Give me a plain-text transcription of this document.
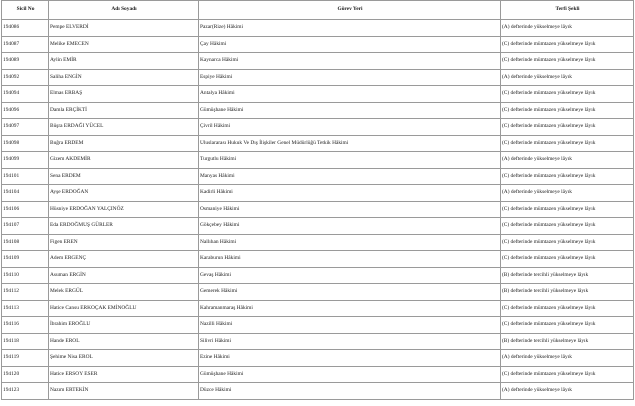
Sicil No	Adı Soyadı	Görev Yeri	Terfi Şekli
194086	Pempe ELVERDİ	Pazar(Rize) Hâkimi	(A) defterinde yükselmeye lâyık
194087	Melike EMECEN	Çay Hâkimi	(C) defterinde mümtazen yükselmeye lâyık
194089	Aylin EMİR	Kaynarca Hâkimi	(C) defterinde mümtazen yükselmeye lâyık
194092	Saliha ENGİN	Espiye Hâkimi	(A) defterinde yükselmeye lâyık
194094	Elmas ERBAŞ	Antalya Hâkimi	(C) defterinde mümtazen yükselmeye lâyık
194096	Damla ERÇİKTİ	Gümüşhane Hâkimi	(C) defterinde mümtazen yükselmeye lâyık
194097	Büşra ERDAĞI YÜCEL	Çivril Hâkimi	(C) defterinde mümtazen yükselmeye lâyık
194098	Buğra ERDEM	Uluslararası Hukuk Ve Dış İlişkiler Genel Müdürlüğü Tetkik Hâkimi	(C) defterinde mümtazen yükselmeye lâyık
194099	Gizem AKDEMİR	Turgutlu Hâkimi	(A) defterinde yükselmeye lâyık
194101	Sena ERDEM	Manyas Hâkimi	(C) defterinde mümtazen yükselmeye lâyık
194104	Ayşe ERDOĞAN	Kadirli Hâkimi	(A) defterinde yükselmeye lâyık
194106	Hüsniye ERDOĞAN YALÇINÖZ	Osmaniye Hâkimi	(C) defterinde mümtazen yükselmeye lâyık
194107	Eda ERDOĞMUŞ GÜRLER	Gökçebey Hâkimi	(C) defterinde mümtazen yükselmeye lâyık
194108	Figen EREN	Nallıhan Hâkimi	(C) defterinde mümtazen yükselmeye lâyık
194109	Adem ERGENÇ	Karaburun Hâkimi	(C) defterinde mümtazen yükselmeye lâyık
194110	Asuman ERGİN	Gevaş Hâkimi	(B) defterinde tercihli yükselmeye lâyık
194112	Melek ERGÜL	Gemerek Hâkimi	(B) defterinde tercihli yükselmeye lâyık
194113	Hatice Cansu ERKOÇAK EMİNOĞLU	Kahramanmaraş Hâkimi	(C) defterinde mümtazen yükselmeye lâyık
194116	İbrahim EROĞLU	Nazilli Hâkimi	(C) defterinde mümtazen yükselmeye lâyık
194118	Hande EROL	Silivri Hâkimi	(B) defterinde tercihli yükselmeye lâyık
194119	Şehime Nisa EROL	Ezine Hâkimi	(A) defterinde yükselmeye lâyık
194120	Hatice ERSOY ESER	Gümüşhane Hâkimi	(C) defterinde mümtazen yükselmeye lâyık
194123	Nazım ERTEKİN	Düzce Hâkimi	(A) defterinde yükselmeye lâyık
